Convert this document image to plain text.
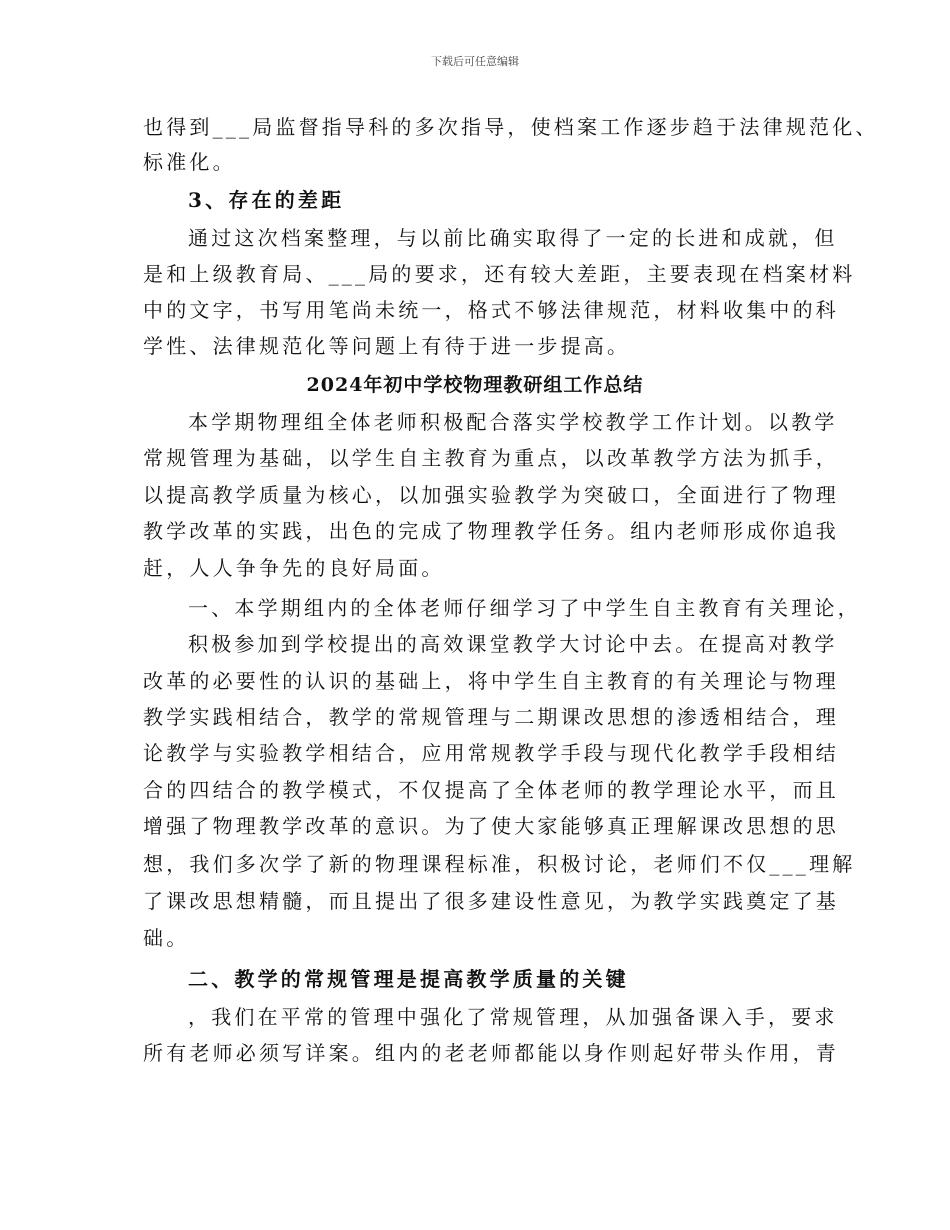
下载后可任意编辑
也得到___局监督指导科的多次指导，使档案工作逐步趋于法律规范化、
标准化。
3、存在的差距
通过这次档案整理，与以前比确实取得了一定的长进和成就，但
是和上级教育局、___局的要求，还有较大差距，主要表现在档案材料
中的文字，书写用笔尚未统一，格式不够法律规范，材料收集中的科
学性、法律规范化等问题上有待于进一步提高。
2024年初中学校物理教研组工作总结
本学期物理组全体老师积极配合落实学校教学工作计划。以教学
常规管理为基础，以学生自主教育为重点，以改革教学方法为抓手，
以提高教学质量为核心，以加强实验教学为突破口，全面进行了物理
教学改革的实践，出色的完成了物理教学任务。组内老师形成你追我
赶，人人争争先的良好局面。
一、本学期组内的全体老师仔细学习了中学生自主教育有关理论，
积极参加到学校提出的高效课堂教学大讨论中去。在提高对教学
改革的必要性的认识的基础上，将中学生自主教育的有关理论与物理
教学实践相结合，教学的常规管理与二期课改思想的渗透相结合，理
论教学与实验教学相结合，应用常规教学手段与现代化教学手段相结
合的四结合的教学模式，不仅提高了全体老师的教学理论水平，而且
增强了物理教学改革的意识。为了使大家能够真正理解课改思想的思
想，我们多次学了新的物理课程标准，积极讨论，老师们不仅___理解
了课改思想精髓，而且提出了很多建设性意见，为教学实践奠定了基
础。
二、教学的常规管理是提高教学质量的关键
，我们在平常的管理中强化了常规管理，从加强备课入手，要求
所有老师必须写详案。组内的老老师都能以身作则起好带头作用，青
